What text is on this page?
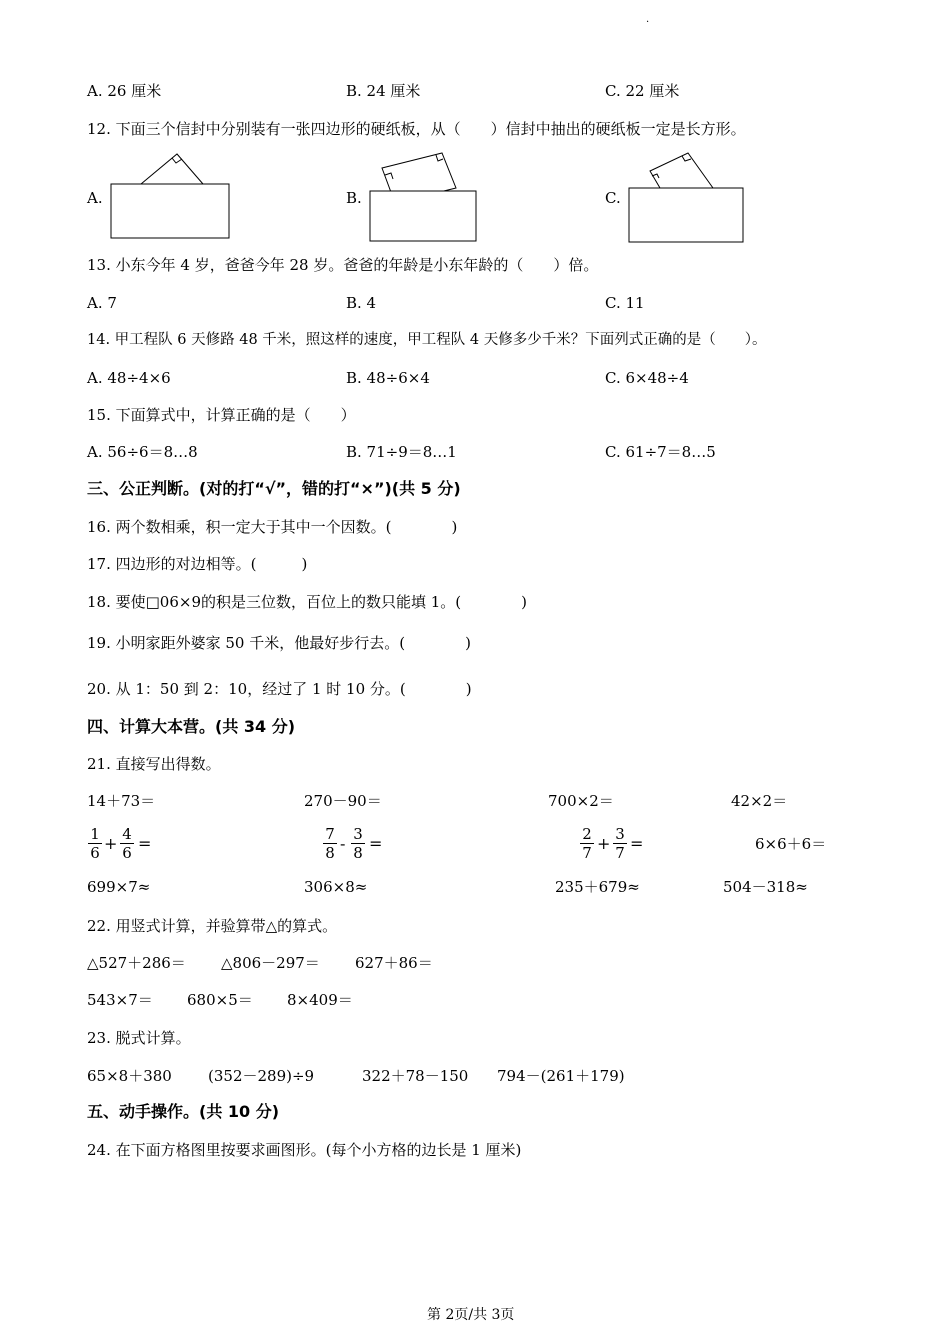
.
A. 26 厘米	B. 24 厘米	C. 22 厘米
12. 下面三个信封中分别装有一张四边形的硬纸板，从（　　）信封中抽出的硬纸板一定是长方形。
A.	B.	C.
13. 小东今年 4 岁，爸爸今年 28 岁。爸爸的年龄是小东年龄的（　　）倍。
A. 7	B. 4	C. 11
14. 甲工程队 6 天修路 48 千米，照这样的速度，甲工程队 4 天修多少千米？下面列式正确的是（　　）。
A. 48÷4×6	B. 48÷6×4	C. 6×48÷4
15. 下面算式中，计算正确的是（　　）
A. 56÷6＝8…8	B. 71÷9＝8…1	C. 61÷7＝8…5
三、公正判断。(对的打“√”，错的打“×”)(共 5 分)
16. 两个数相乘，积一定大于其中一个因数。(　　　　)
17. 四边形的对边相等。(　　　)
18. 要使□06×9的积是三位数，百位上的数只能填 1。(　　　　)
19. 小明家距外婆家 50 千米，他最好步行去。(　　　　)
20. 从 1：50 到 2：10，经过了 1 时 10 分。(　　　　)
四、计算大本营。(共 34 分)
21. 直接写出得数。
14＋73＝	270－90＝	700×2＝	42×2＝
$\frac{1}{6} + \frac{4}{6}$ =	$\frac{7}{8} - \frac{3}{8}$ =	$\frac{2}{7} + \frac{3}{7}$ =	6×6＋6＝
699×7≈	306×8≈	235＋679≈	504－318≈
22. 用竖式计算，并验算带△的算式。
△527＋286＝ △806－297＝ 627＋86＝
543×7＝ 680×5＝ 8×409＝
23. 脱式计算。
65×8＋380 (352－289)÷9	322＋78－150 794－(261＋179)
五、动手操作。(共 10 分)
24. 在下面方格图里按要求画图形。(每个小方格的边长是 1 厘米)
第 2页/共 3页
